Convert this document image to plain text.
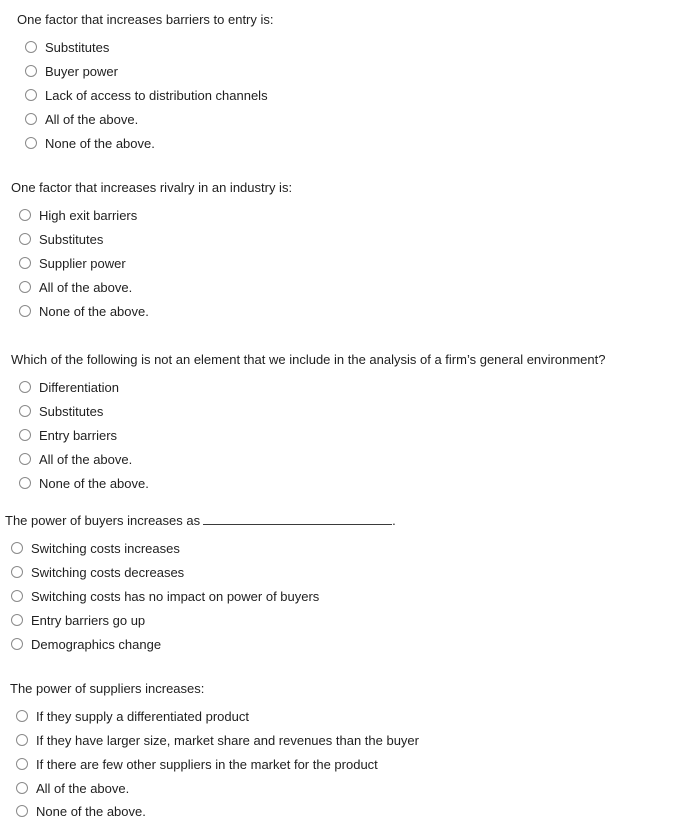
One factor that increases barriers to entry is:

Substitutes
Buyer power
Lack of access to distribution channels
All of the above.
None of the above.

One factor that increases rivalry in an industry is:

High exit barriers
Substitutes
Supplier power
All of the above.
None of the above.

Which of the following is not an element that we include in the analysis of a firm’s general environment?

Differentiation
Substitutes
Entry barriers
All of the above.
None of the above.

The power of buyers increases as	.

Switching costs increases
Switching costs decreases
Switching costs has no impact on power of buyers
Entry barriers go up
Demographics change

The power of suppliers increases:

If they supply a differentiated product
If they have larger size, market share and revenues than the buyer
If there are few other suppliers in the market for the product
All of the above.
None of the above.
